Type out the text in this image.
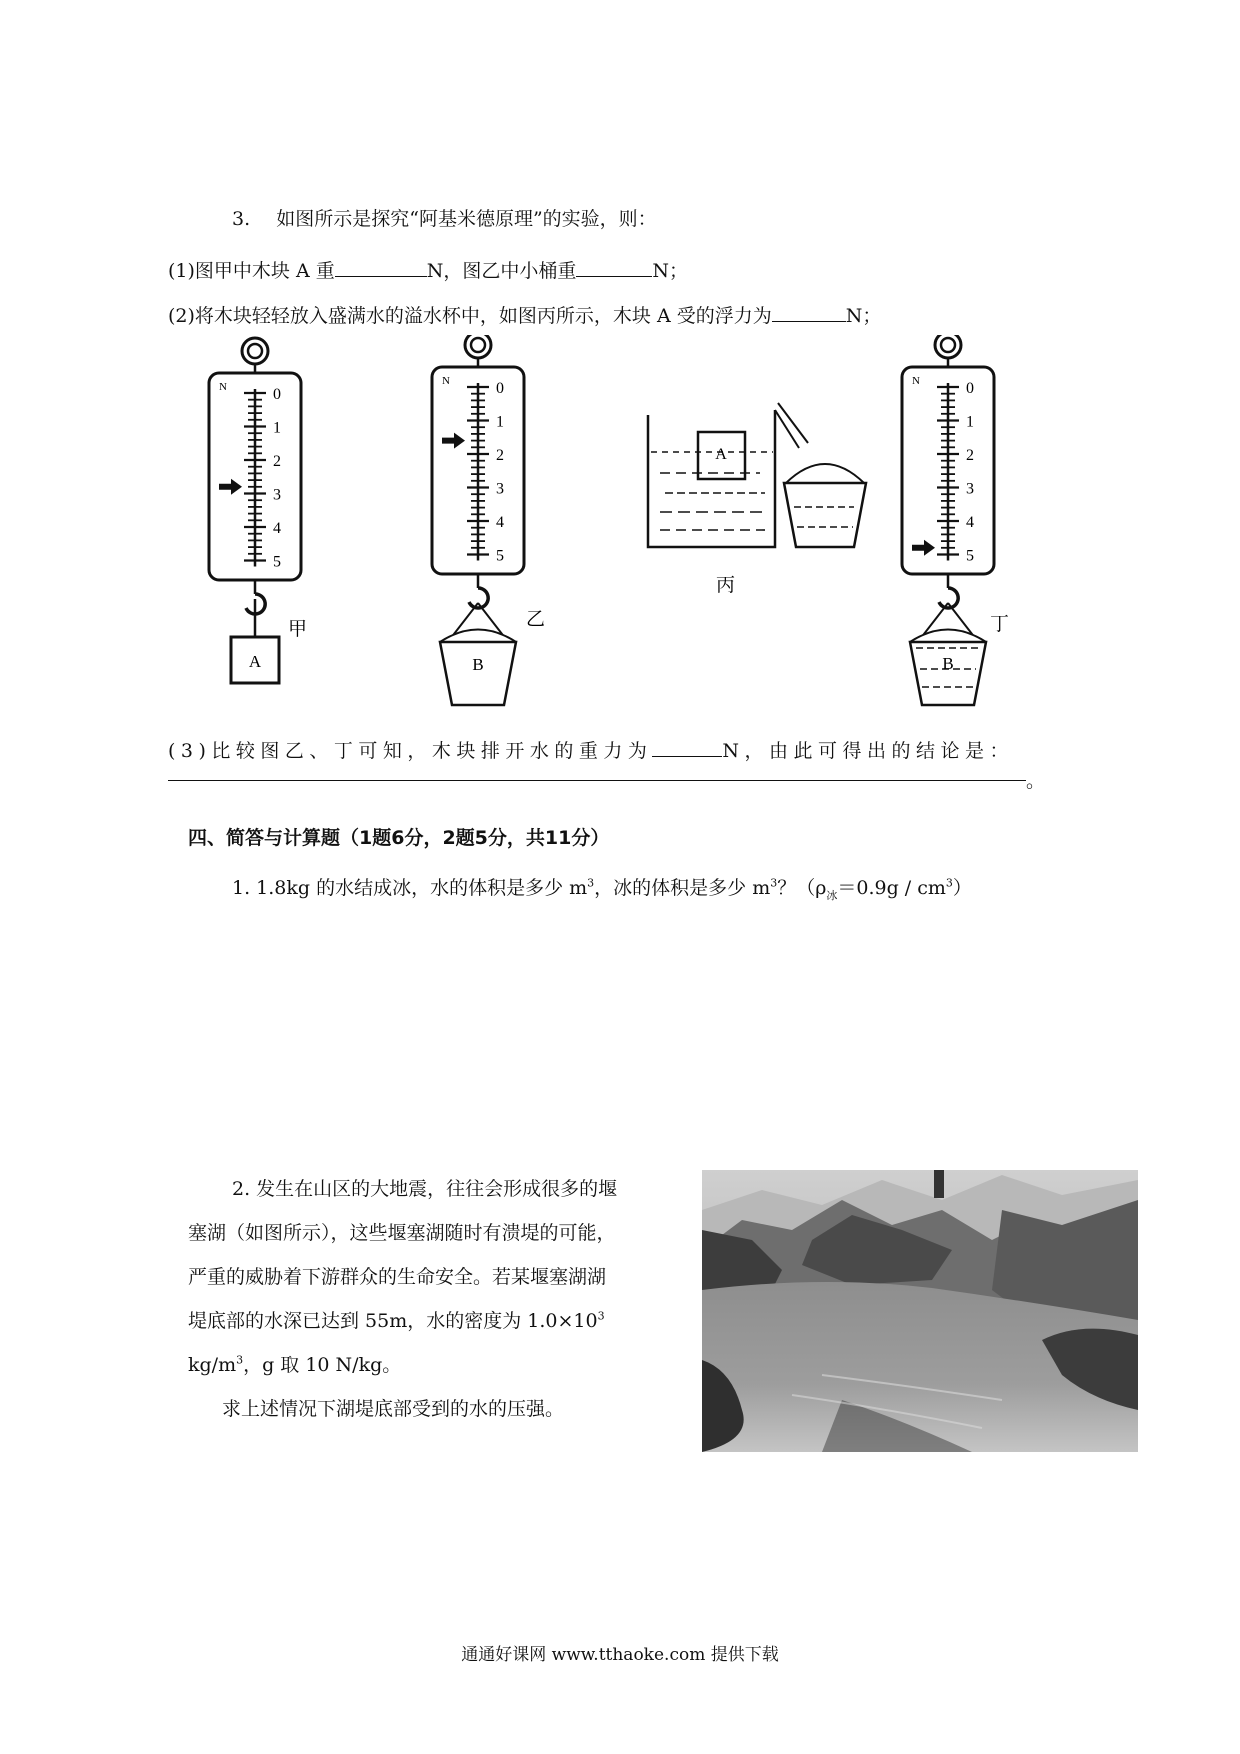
3. 如图所示是探究“阿基米德原理”的实验，则：
(1)图甲中木块 A 重	N，图乙中小桶重	N；
(2)将木块轻轻放入盛满水的溢水杯中，如图丙所示，木块 A 受的浮力为	N；
N	0
1
2
3
4
5
N	0
1
2
3
4
5
N	0
1
2
3
4
5
A
甲
B
乙
A
丙
B
丁
(3)比较图乙、丁可知，木块排开水的重力为	N，由此可得出的结论是：
。
四、简答与计算题（1题6分，2题5分，共11分）
1. 1.8kg 的水结成冰，水的体积是多少 $m^3$，冰的体积是多少 $m^3$？$(\rho_冰=0.9g / cm^3)$
2. 发生在山区的大地震，往往会形成很多的堰
塞湖（如图所示），这些堰塞湖随时有溃堤的可能，
严重的威胁着下游群众的生命安全。若某堰塞湖湖
堤底部的水深已达到 55m，水的密度为 $1.0\times 10^3$
$kg/m^3$，g 取 10 N/kg。
求上述情况下湖堤底部受到的水的压强。
通通好课网 www.tthaoke.com 提供下载
